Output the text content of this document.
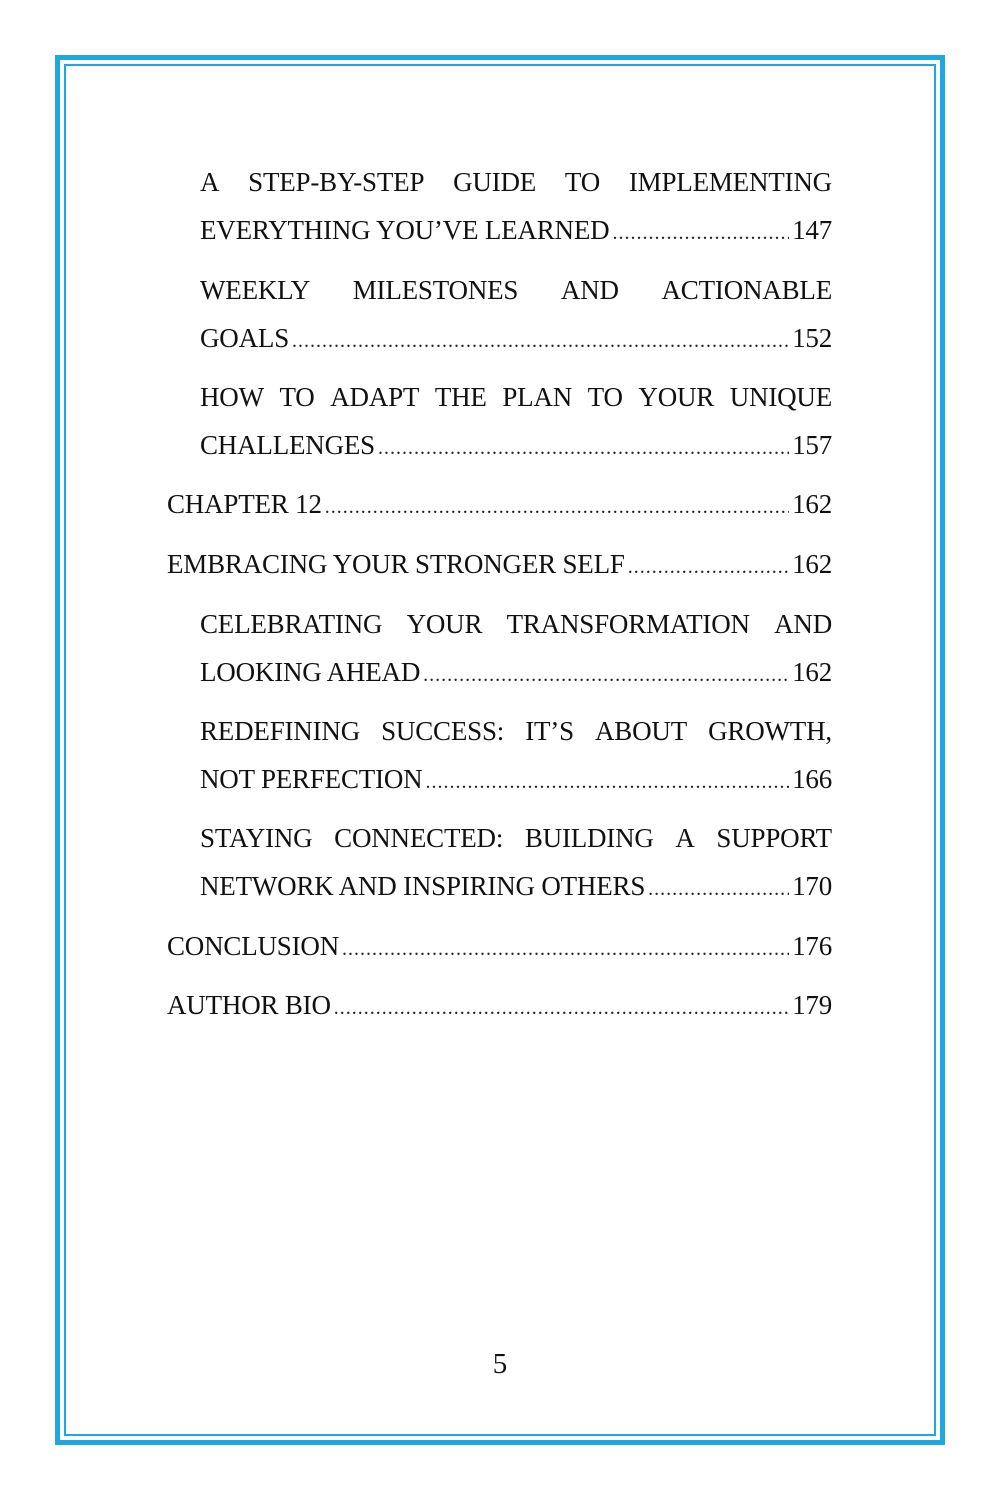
A STEP-BY-STEP GUIDE TO IMPLEMENTING
EVERYTHING YOU’VE LEARNED .....	147
WEEKLY MILESTONES AND ACTIONABLE
GOALS .....	152
HOW TO ADAPT THE PLAN TO YOUR UNIQUE
CHALLENGES .....	157
CHAPTER 12 .....	162
EMBRACING YOUR STRONGER SELF .....	162
CELEBRATING YOUR TRANSFORMATION AND
LOOKING AHEAD .....	162
REDEFINING SUCCESS: IT’S ABOUT GROWTH,
NOT PERFECTION .....	166
STAYING CONNECTED: BUILDING A SUPPORT
NETWORK AND INSPIRING OTHERS .....	170
CONCLUSION .....	176
AUTHOR BIO .....	179
5
